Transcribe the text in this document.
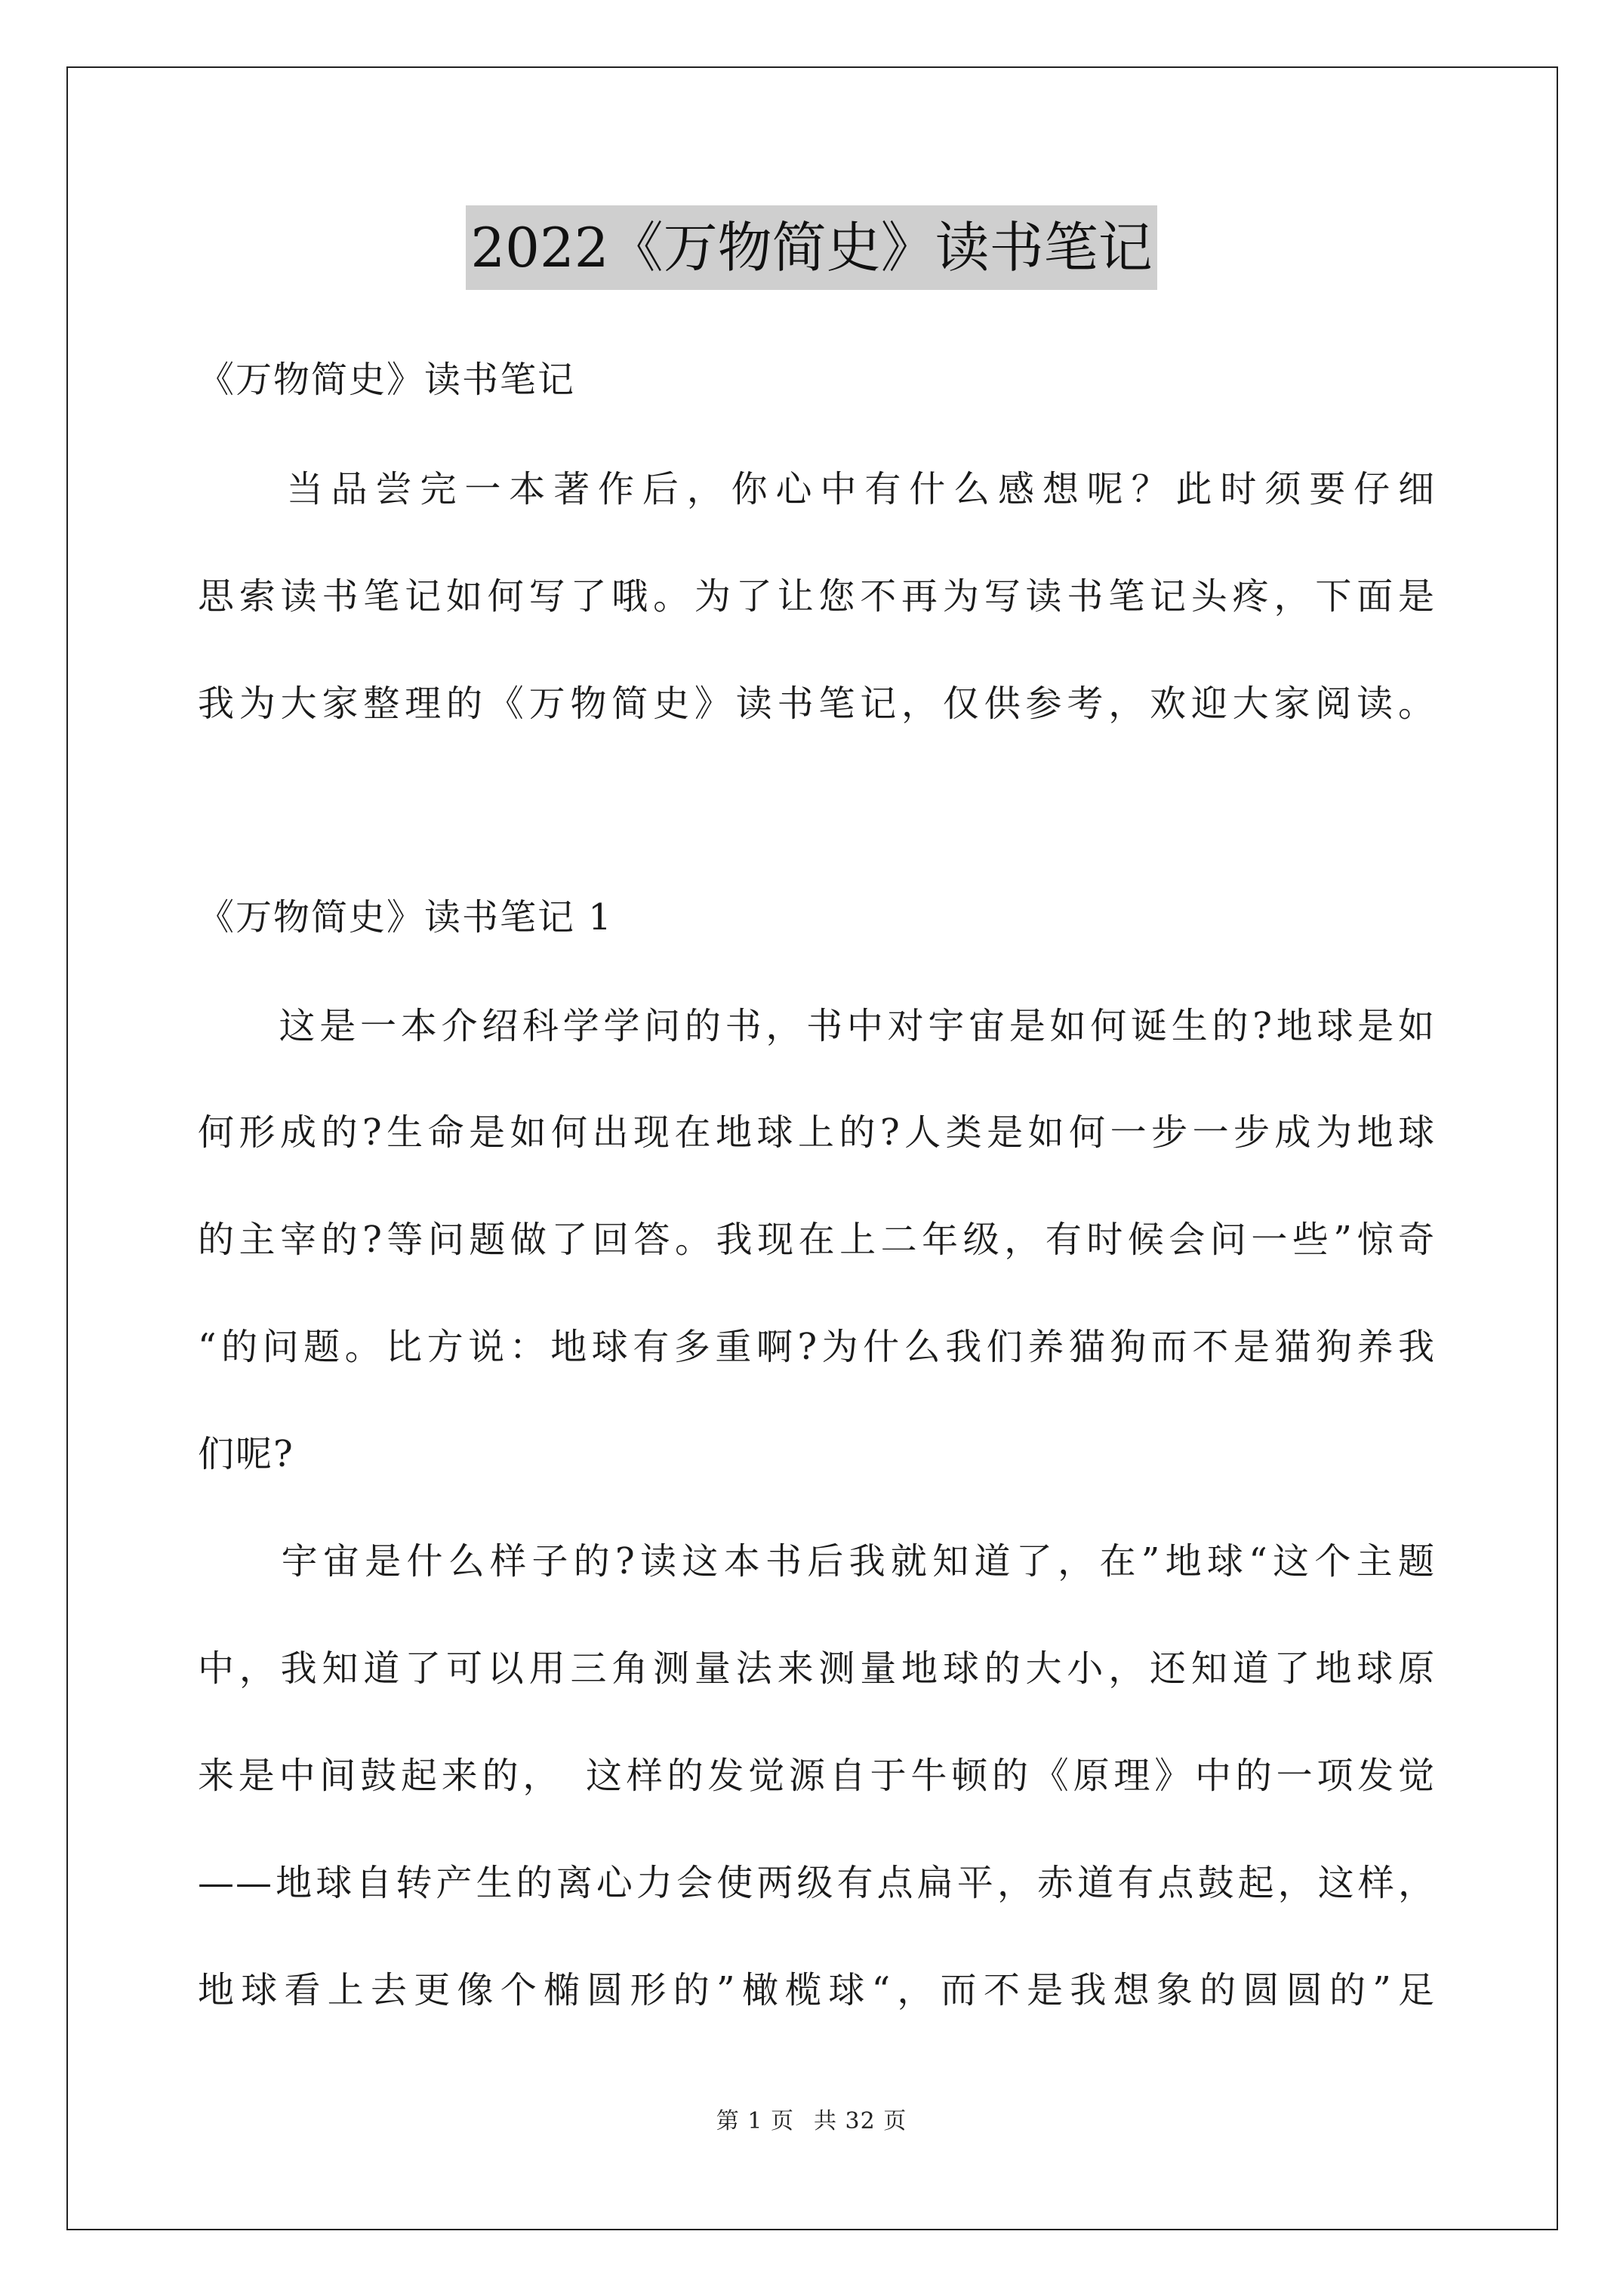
2022《万物简史》读书笔记
《万物简史》读书笔记
　　当品尝完一本著作后，你心中有什么感想呢？此时须要仔细
思索读书笔记如何写了哦。为了让您不再为写读书笔记头疼，下面是
我为大家整理的《万物简史》读书笔记，仅供参考，欢迎大家阅读。
《万物简史》读书笔记 1
　　这是一本介绍科学学问的书，书中对宇宙是如何诞生的?地球是如
何形成的?生命是如何出现在地球上的?人类是如何一步一步成为地球
的主宰的?等问题做了回答。我现在上二年级，有时候会问一些”惊奇
“的问题。比方说：地球有多重啊?为什么我们养猫狗而不是猫狗养我
们呢?
　　宇宙是什么样子的?读这本书后我就知道了，在”地球“这个主题
中，我知道了可以用三角测量法来测量地球的大小，还知道了地球原
来是中间鼓起来的，　这样的发觉源自于牛顿的《原理》中的一项发觉
——地球自转产生的离心力会使两级有点扁平，赤道有点鼓起，这样，
地球看上去更像个椭圆形的”橄榄球“，而不是我想象的圆圆的”足
第 1 页 共 32 页
